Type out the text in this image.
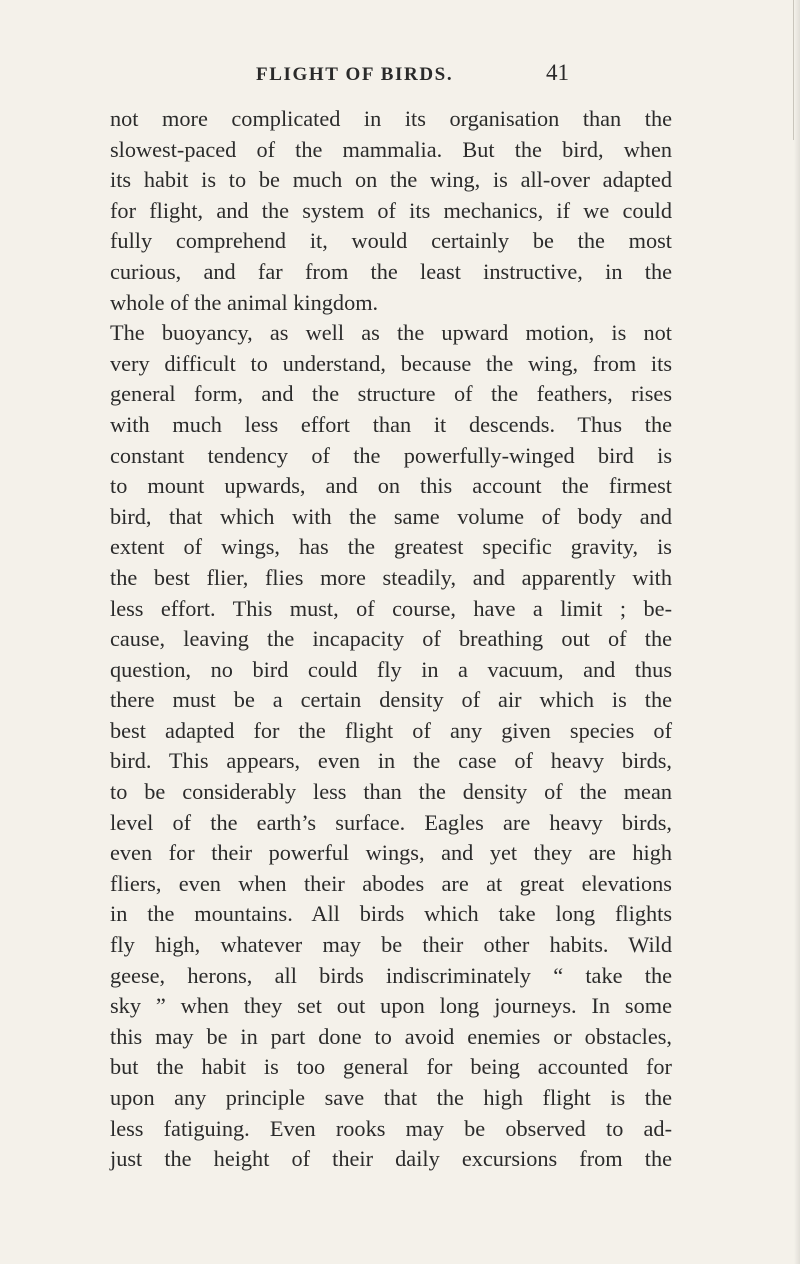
FLIGHT OF BIRDS.	41
not more complicated in its organisation than the
slowest-paced of the mammalia. But the bird, when
its habit is to be much on the wing, is all-over adapted
for flight, and the system of its mechanics, if we could
fully comprehend it, would certainly be the most
curious, and far from the least instructive, in the
whole of the animal kingdom.
The buoyancy, as well as the upward motion, is not
very difficult to understand, because the wing, from its
general form, and the structure of the feathers, rises
with much less effort than it descends. Thus the
constant tendency of the powerfully-winged bird is
to mount upwards, and on this account the firmest
bird, that which with the same volume of body and
extent of wings, has the greatest specific gravity, is
the best flier, flies more steadily, and apparently with
less effort. This must, of course, have a limit ; be-
cause, leaving the incapacity of breathing out of the
question, no bird could fly in a vacuum, and thus
there must be a certain density of air which is the
best adapted for the flight of any given species of
bird. This appears, even in the case of heavy birds,
to be considerably less than the density of the mean
level of the earth’s surface. Eagles are heavy birds,
even for their powerful wings, and yet they are high
fliers, even when their abodes are at great elevations
in the mountains. All birds which take long flights
fly high, whatever may be their other habits. Wild
geese, herons, all birds indiscriminately “ take the
sky ” when they set out upon long journeys. In some
this may be in part done to avoid enemies or obstacles,
but the habit is too general for being accounted for
upon any principle save that the high flight is the
less fatiguing. Even rooks may be observed to ad-
just the height of their daily excursions from the
